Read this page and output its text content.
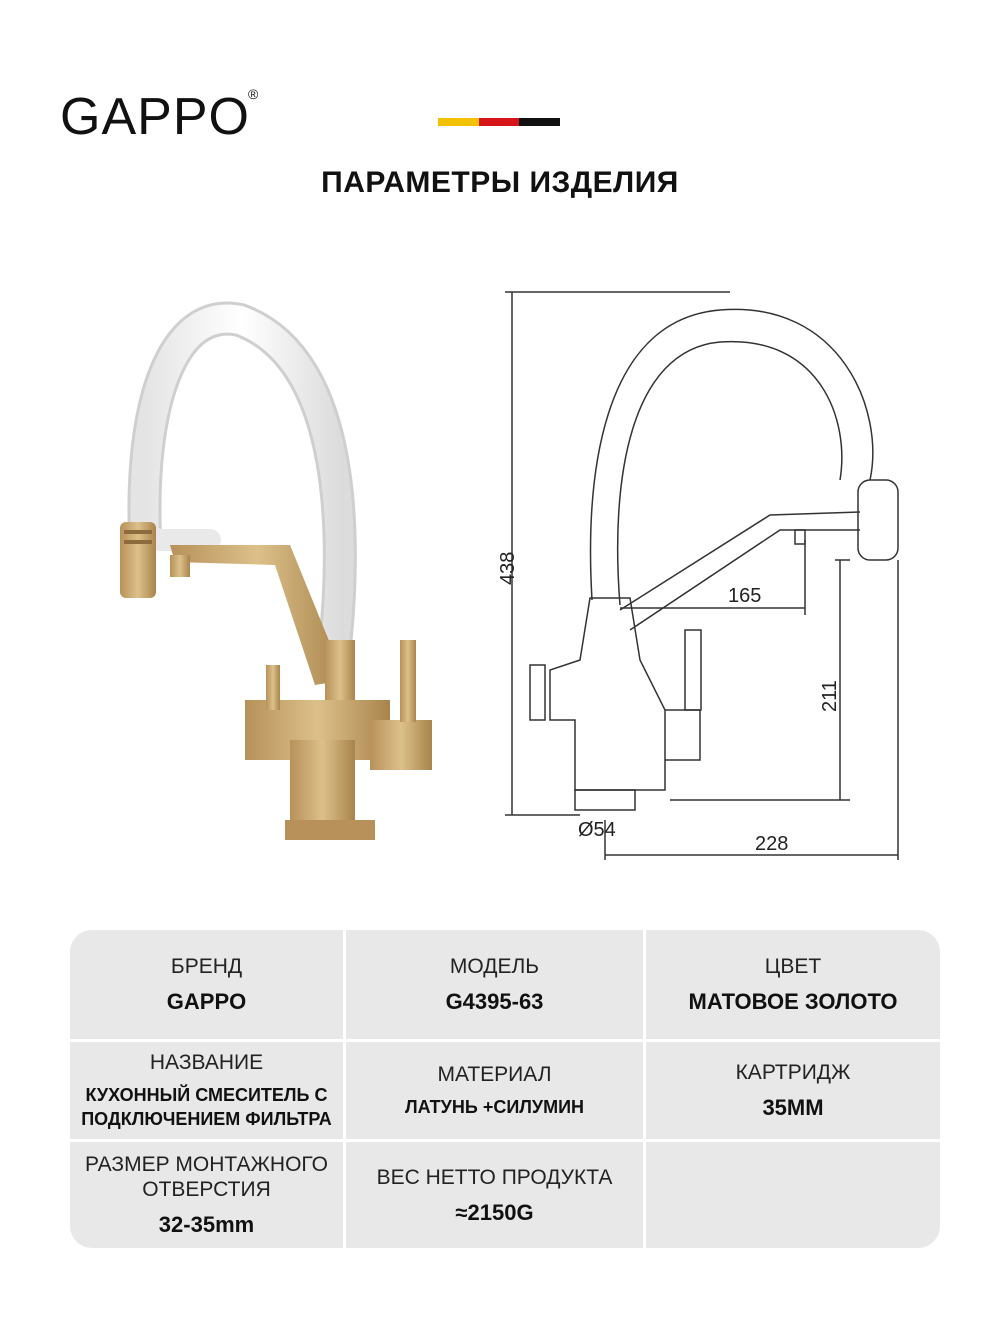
GAPPO
®
ПАРАМЕТРЫ ИЗДЕЛИЯ
438
165
211
Ø54
228
БРЕНД
GAPPO
МОДЕЛЬ
G4395-63
ЦВЕТ
МАТОВОЕ ЗОЛОТО
НАЗВАНИЕ
КУХОННЫЙ СМЕСИТЕЛЬ С ПОДКЛЮЧЕНИЕМ ФИЛЬТРА
МАТЕРИАЛ
ЛАТУНЬ +СИЛУМИН
КАРТРИДЖ
35MM
РАЗМЕР МОНТАЖНОГО ОТВЕРСТИЯ
32-35mm
ВЕС НЕТТО ПРОДУКТА
≈2150G
